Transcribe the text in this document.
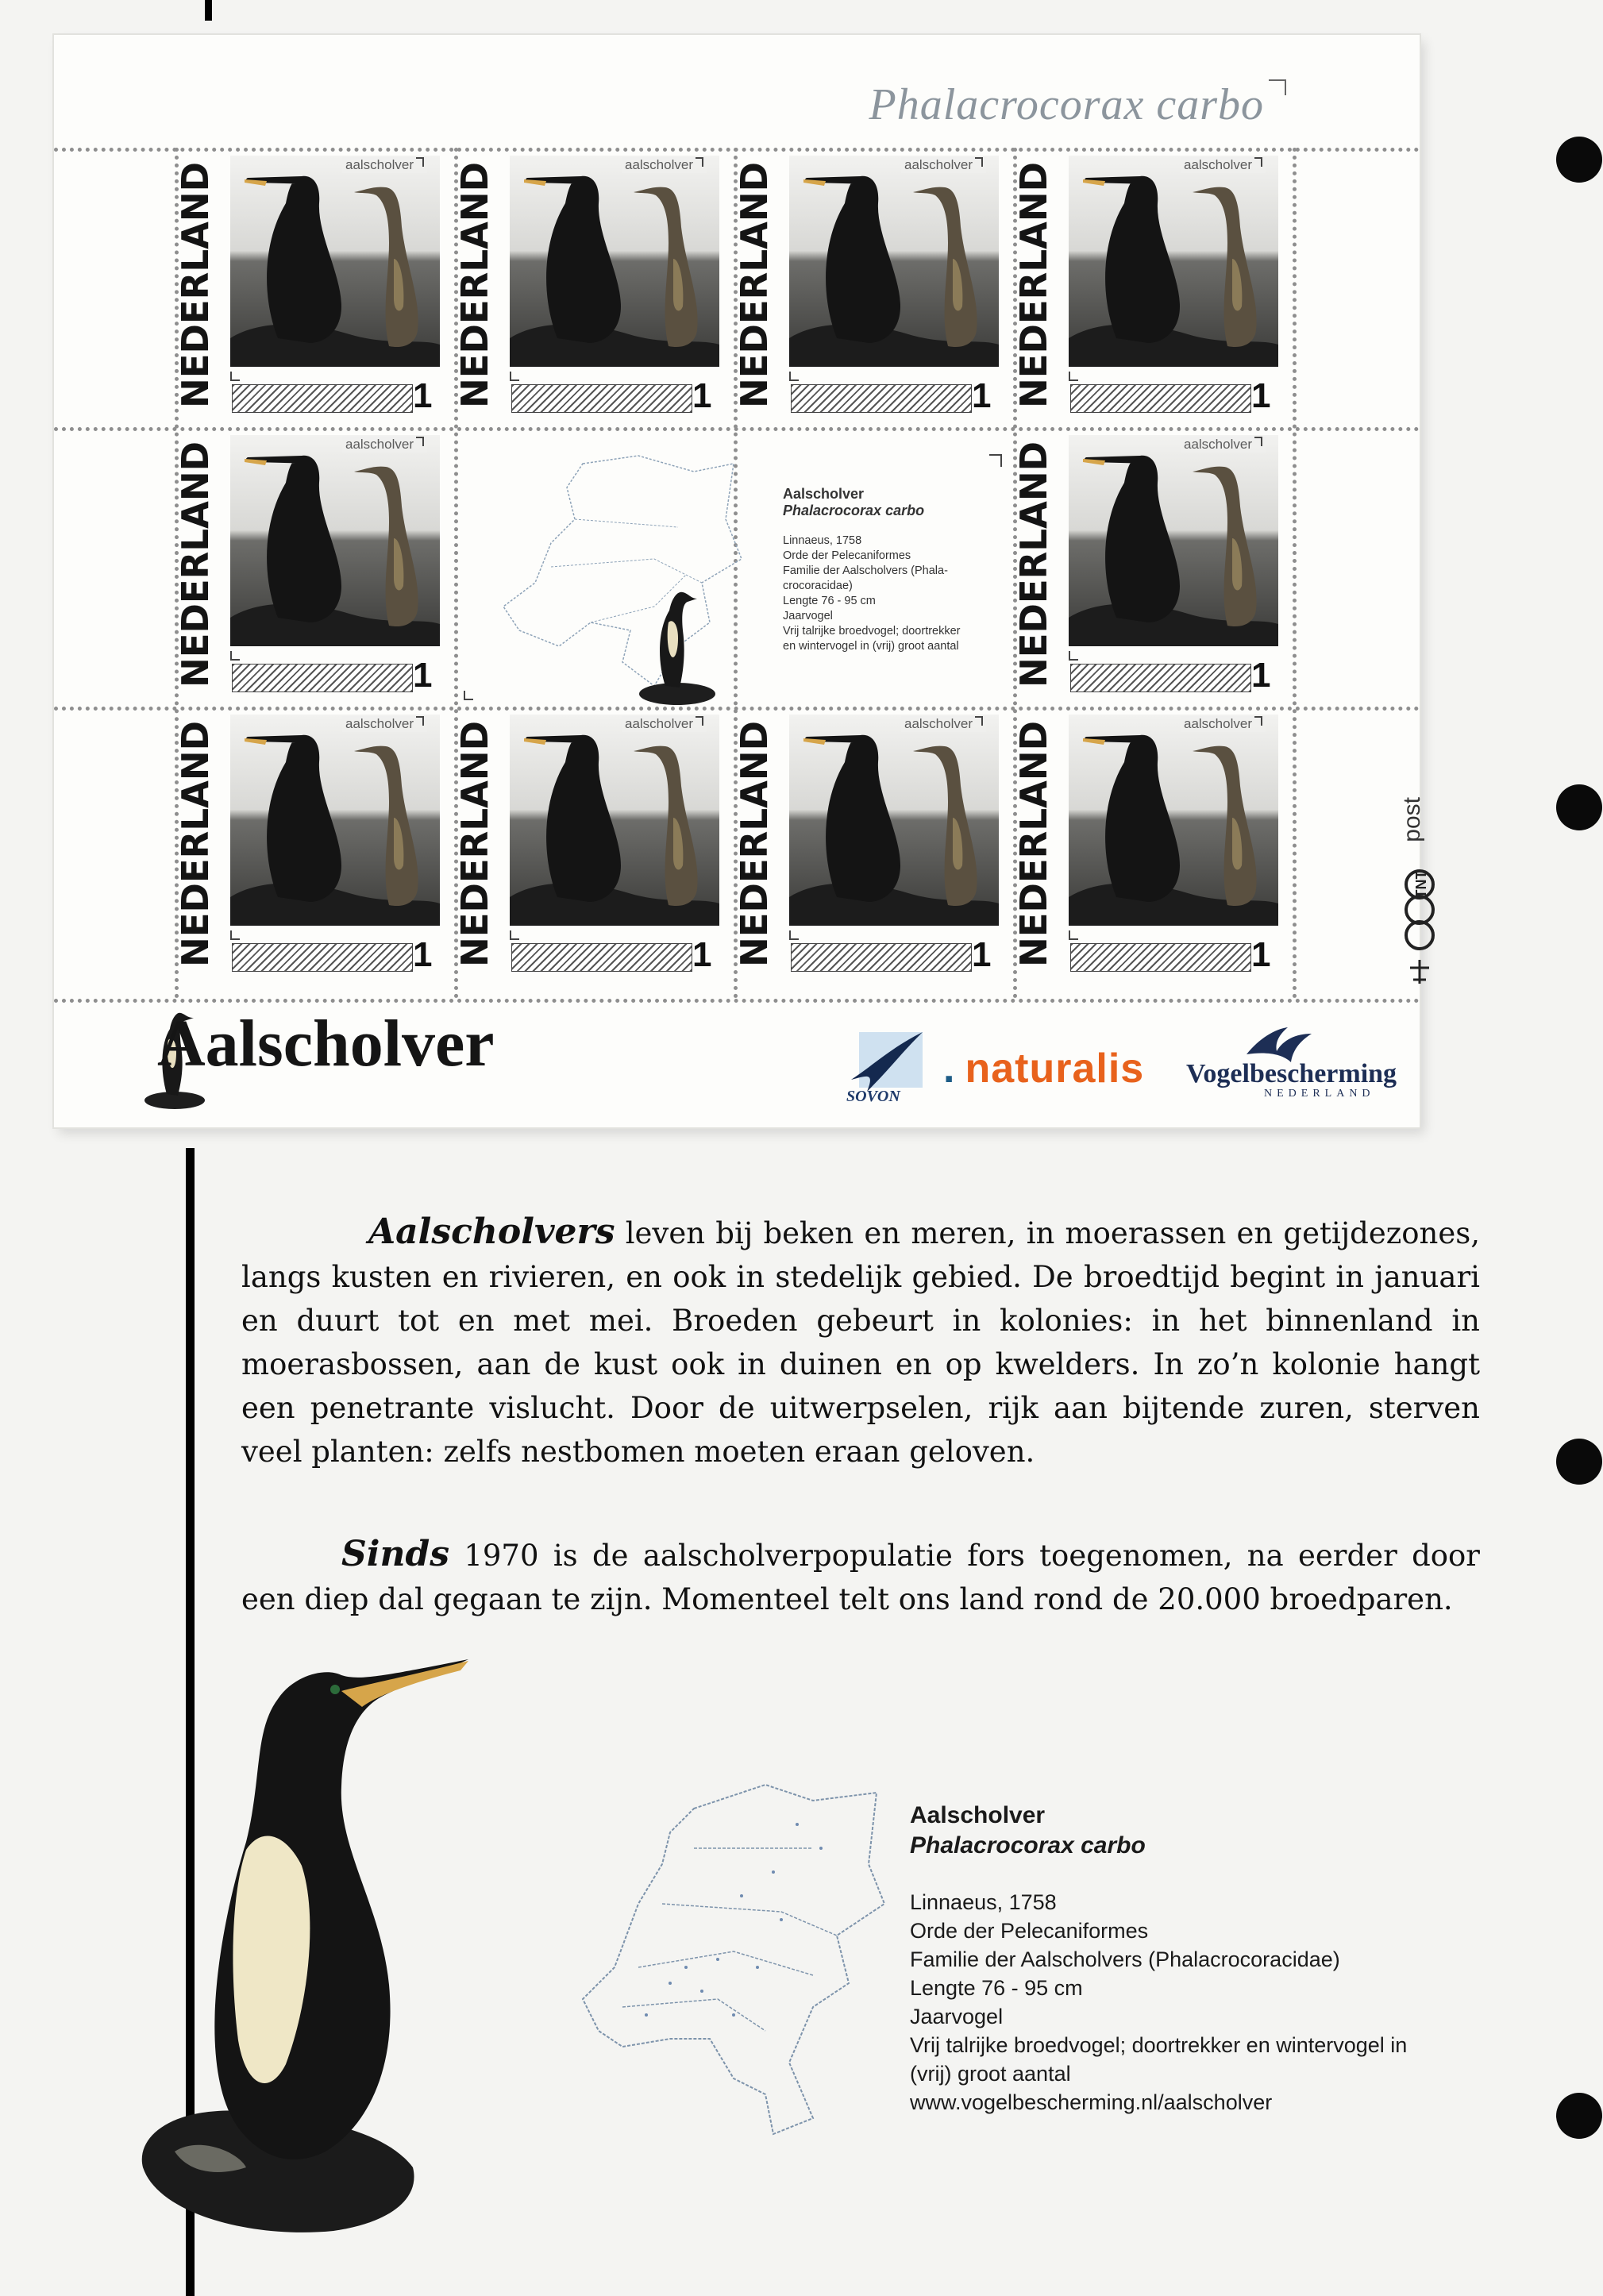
Phalacrocorax carbo
NEDERLAND	aalscholver
1 NEDERLAND	aalscholver
1 NEDERLAND	aalscholver
1 NEDERLAND	aalscholver
1
NEDERLAND	aalscholver
1	NEDERLAND	aalscholver
1
NEDERLAND	aalscholver
1 NEDERLAND	aalscholver
1 NEDERLAND	aalscholver
1 NEDERLAND	aalscholver
1
Aalscholver
Phalacrocorax carbo
Linnaeus, 1758
Orde der Pelecaniformes
Familie der Aalscholvers (Phala-
crocoracidae)
Lengte 76 - 95 cm
Jaarvogel
Vrij talrijke broedvogel; doortrekker
en wintervogel in (vrij) groot aantal
post
TNT
Aalscholver
SOVON
. naturalis Vogelbescherming
NEDERLAND
Aalscholvers leven bij beken en meren, in moerassen en getijdezones, langs kusten en rivieren, en ook in stedelijk gebied. De broedtijd begint in januari en duurt tot en met mei. Broeden gebeurt in kolonies: in het binnenland in moerasbossen, aan de kust ook in duinen en op kwelders. In zo’n kolonie hangt een penetrante vislucht. Door de uitwerpselen, rijk aan bijtende zuren, sterven veel planten: zelfs nestbomen moeten eraan geloven.
Sinds 1970 is de aalscholverpopulatie fors toegenomen, na eerder door een diep dal gegaan te zijn. Momenteel telt ons land rond de 20.000 broedparen.
Aalscholver
Phalacrocorax carbo
Linnaeus, 1758
Orde der Pelecaniformes
Familie der Aalscholvers (Phalacrocoracidae)
Lengte 76 - 95 cm
Jaarvogel
Vrij talrijke broedvogel; doortrekker en wintervogel in
(vrij) groot aantal
www.vogelbescherming.nl/aalscholver
